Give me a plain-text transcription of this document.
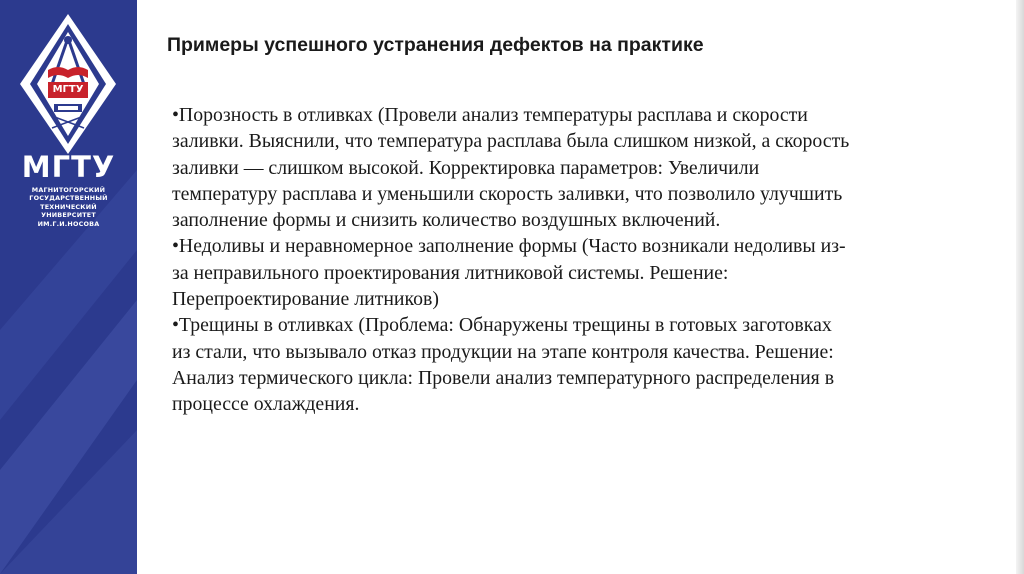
МГТУ
МГТУ
МАГНИТОГОРСКИЙ
ГОСУДАРСТВЕННЫЙ
ТЕХНИЧЕСКИЙ
УНИВЕРСИТЕТ
ИМ.Г.И.НОСОВА
Примеры успешного устранения дефектов на практике
•Порозность в отливках (Провели анализ температуры расплава и скорости
заливки. Выяснили, что температура расплава была слишком низкой, а скорость
заливки — слишком высокой. Корректировка параметров: Увеличили
температуру расплава и уменьшили скорость заливки, что позволило улучшить
заполнение формы и снизить количество воздушных включений.
•Недоливы и неравномерное заполнение формы (Часто возникали недоливы из-
за неправильного проектирования литниковой системы. Решение:
Перепроектирование литников)
•Трещины в отливках (Проблема: Обнаружены трещины в готовых заготовках
из стали, что вызывало отказ продукции на этапе контроля качества. Решение:
Анализ термического цикла: Провели анализ температурного распределения в
процессе охлаждения.
